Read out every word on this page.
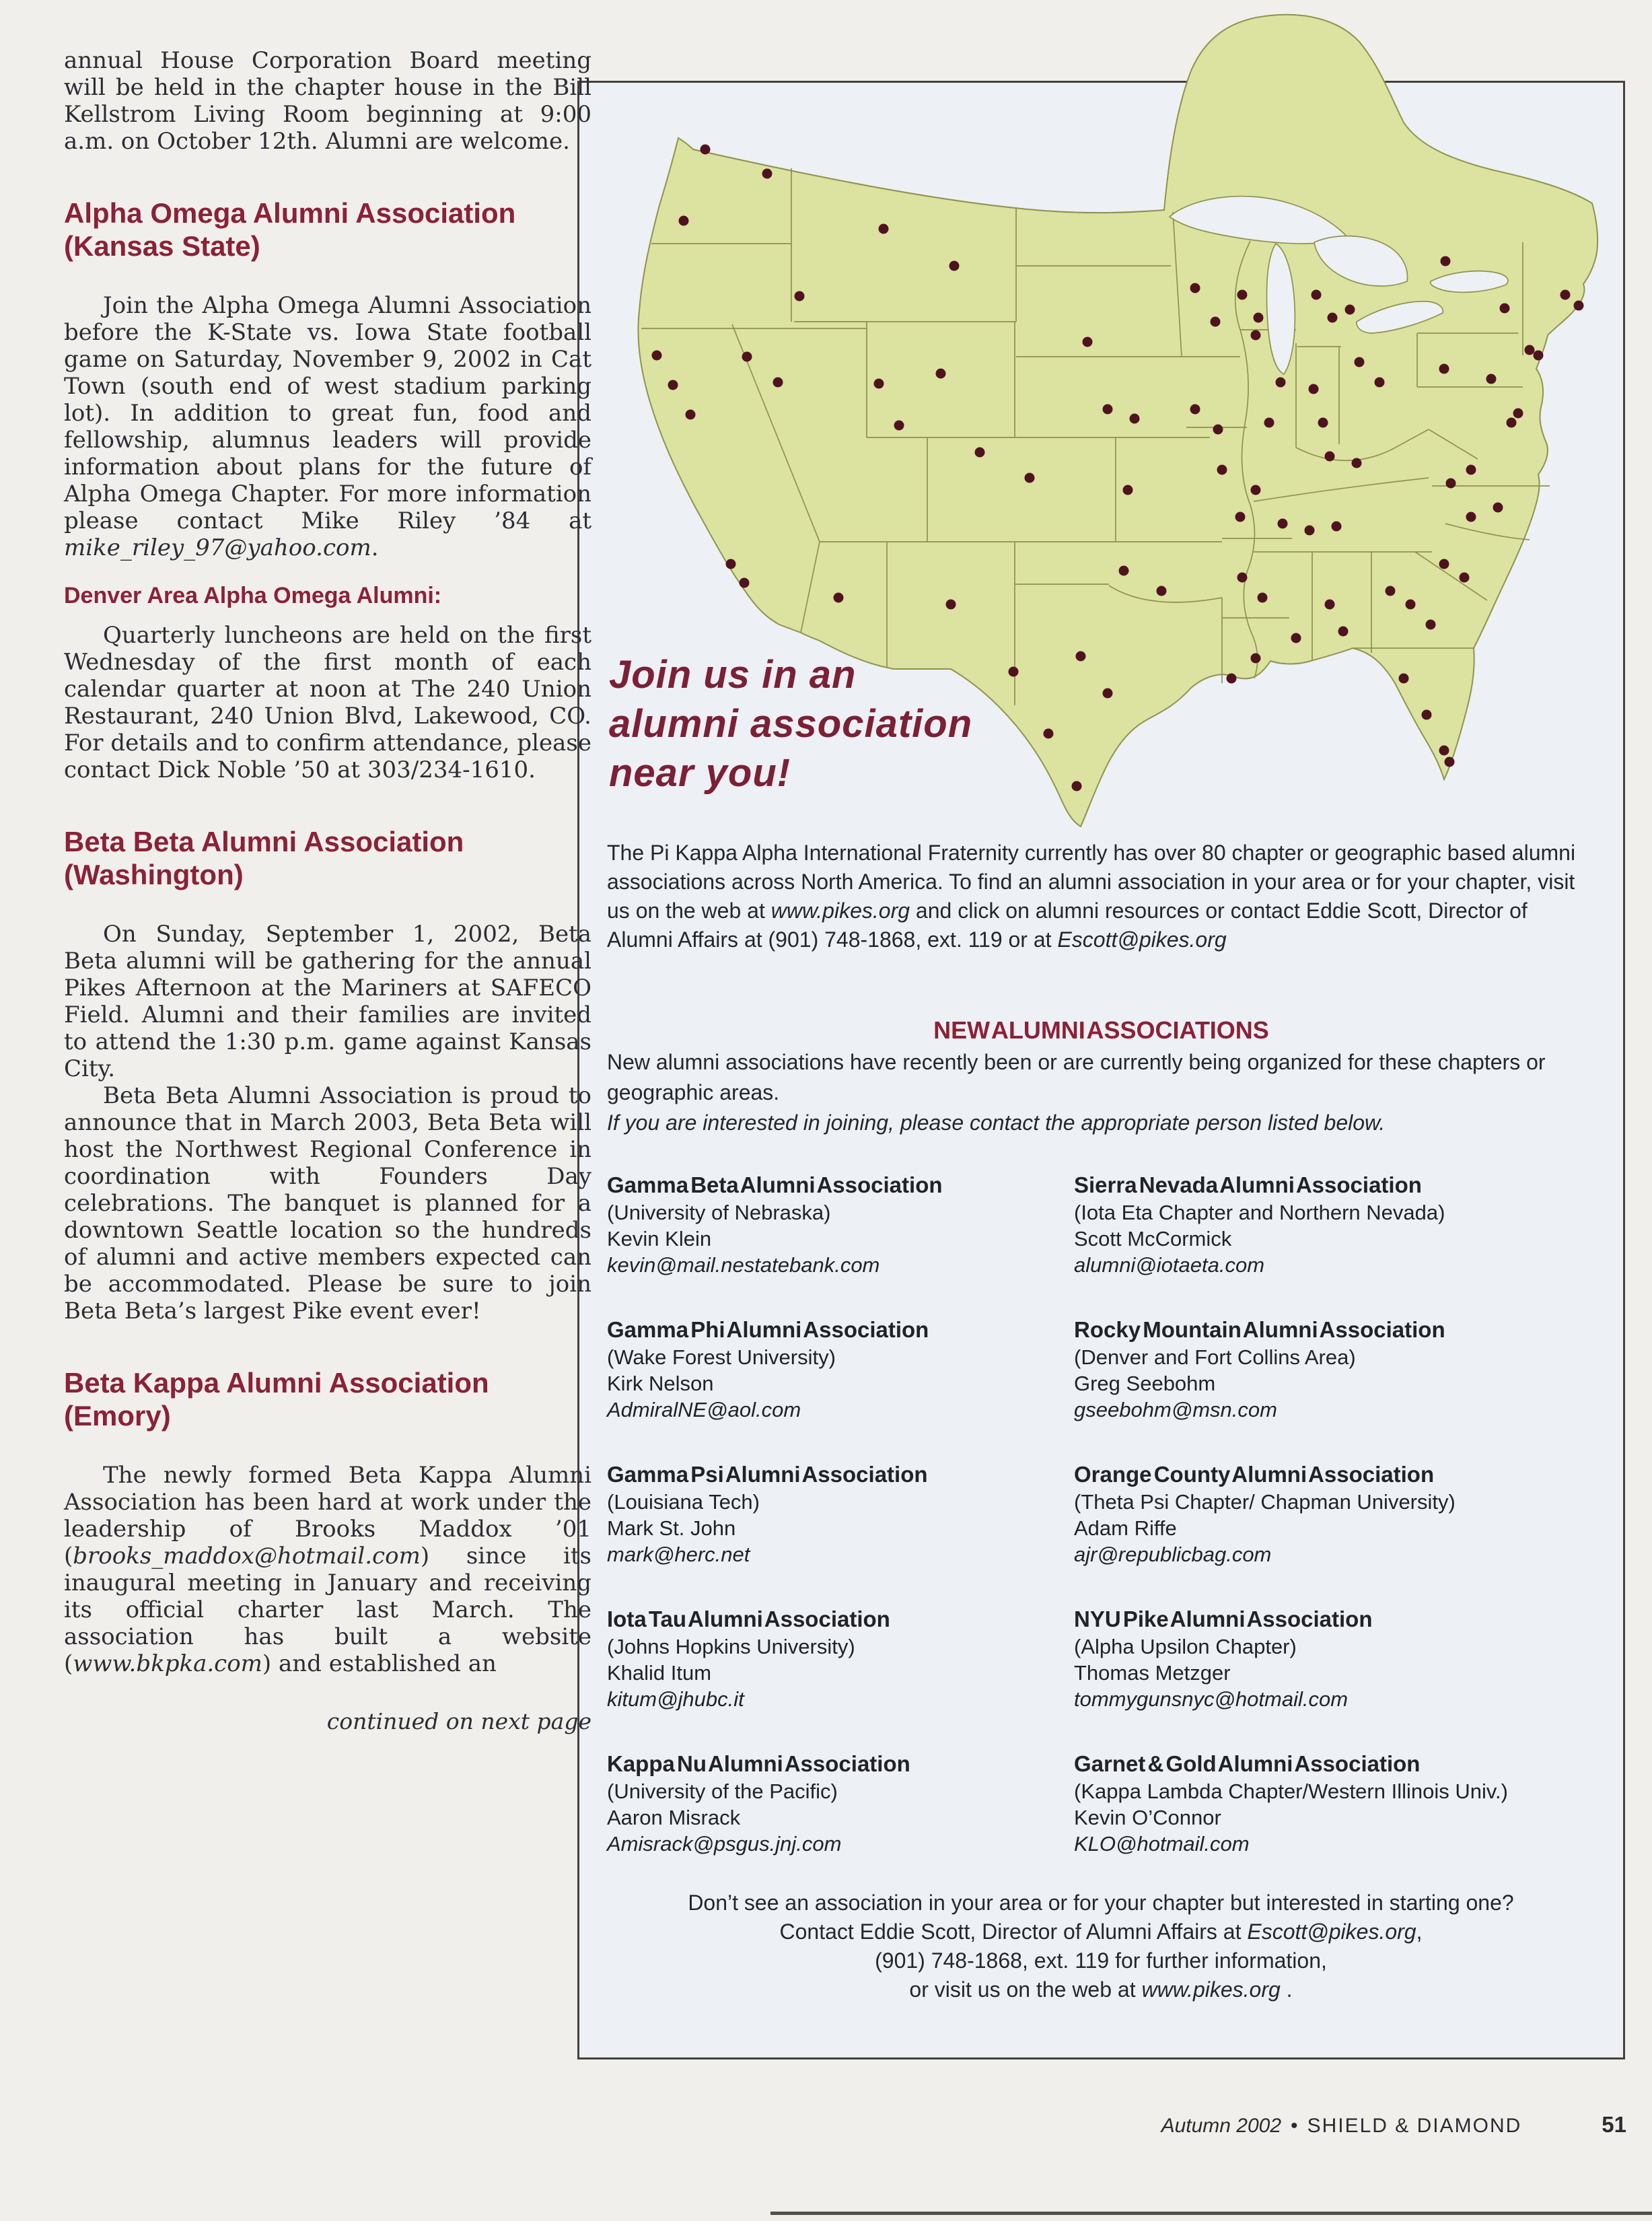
annual House Corporation Board meeting will be held in the chapter house in the Bill Kellstrom Living Room beginning at 9:00 a.m. on October 12th. Alumni are welcome.

Alpha Omega Alumni Association (Kansas State)

Join the Alpha Omega Alumni Association before the K-State vs. Iowa State football game on Saturday, November 9, 2002 in Cat Town (south end of west stadium parking lot). In addition to great fun, food and fellowship, alumnus leaders will provide information about plans for the future of Alpha Omega Chapter. For more information please contact Mike Riley ’84 at mike_riley_97@yahoo.com.

Denver Area Alpha Omega Alumni:

Quarterly luncheons are held on the first Wednesday of the first month of each calendar quarter at noon at The 240 Union Restaurant, 240 Union Blvd, Lakewood, CO. For details and to confirm attendance, please contact Dick Noble ’50 at 303/234-1610.

Beta Beta Alumni Association (Washington)

On Sunday, September 1, 2002, Beta Beta alumni will be gathering for the annual Pikes Afternoon at the Mariners at SAFECO Field. Alumni and their families are invited to attend the 1:30 p.m. game against Kansas City.

Beta Beta Alumni Association is proud to announce that in March 2003, Beta Beta will host the Northwest Regional Conference in coordination with Founders Day celebrations. The banquet is planned for a downtown Seattle location so the hundreds of alumni and active members expected can be accommodated. Please be sure to join Beta Beta’s largest Pike event ever!

Beta Kappa Alumni Association (Emory)

The newly formed Beta Kappa Alumni Association has been hard at work under the leadership of Brooks Maddox ’01 (brooks_maddox@hotmail.com) since its inaugural meeting in January and receiving its official charter last March. The association has built a website (www.bkpka.com) and established an

continued on next page
Join us in an
alumni association
near you!

The Pi Kappa Alpha International Fraternity currently has over 80 chapter or geographic based alumni associations across North America. To find an alumni association in your area or for your chapter, visit us on the web at www.pikes.org and click on alumni resources or contact Eddie Scott, Director of Alumni Affairs at (901) 748-1868, ext. 119 or at Escott@pikes.org

NEW ALUMNI ASSOCIATIONS
New alumni associations have recently been or are currently being organized for these chapters or geographic areas.
If you are interested in joining, please contact the appropriate person listed below.
Gamma Beta Alumni Association
(University of Nebraska)
Kevin Klein
kevin@mail.nestatebank.com
Gamma Phi Alumni Association
(Wake Forest University)
Kirk Nelson
AdmiralNE@aol.com
Gamma Psi Alumni Association
(Louisiana Tech)
Mark St. John
mark@herc.net
Iota Tau Alumni Association
(Johns Hopkins University)
Khalid Itum
kitum@jhubc.it
Kappa Nu Alumni Association
(University of the Pacific)
Aaron Misrack
Amisrack@psgus.jnj.com
Sierra Nevada Alumni Association
(Iota Eta Chapter and Northern Nevada)
Scott McCormick
alumni@iotaeta.com
Rocky Mountain Alumni Association
(Denver and Fort Collins Area)
Greg Seebohm
gseebohm@msn.com
Orange County Alumni Association
(Theta Psi Chapter/ Chapman University)
Adam Riffe
ajr@republicbag.com
NYU Pike Alumni Association
(Alpha Upsilon Chapter)
Thomas Metzger
tommygunsnyc@hotmail.com
Garnet & Gold Alumni Association
(Kappa Lambda Chapter/Western Illinois Univ.)
Kevin O’Connor
KLO@hotmail.com
Don’t see an association in your area or for your chapter but interested in starting one?
Contact Eddie Scott, Director of Alumni Affairs at Escott@pikes.org,
(901) 748-1868, ext. 119 for further information,
or visit us on the web at www.pikes.org .
Autumn 2002 • SHIELD & DIAMOND	51
